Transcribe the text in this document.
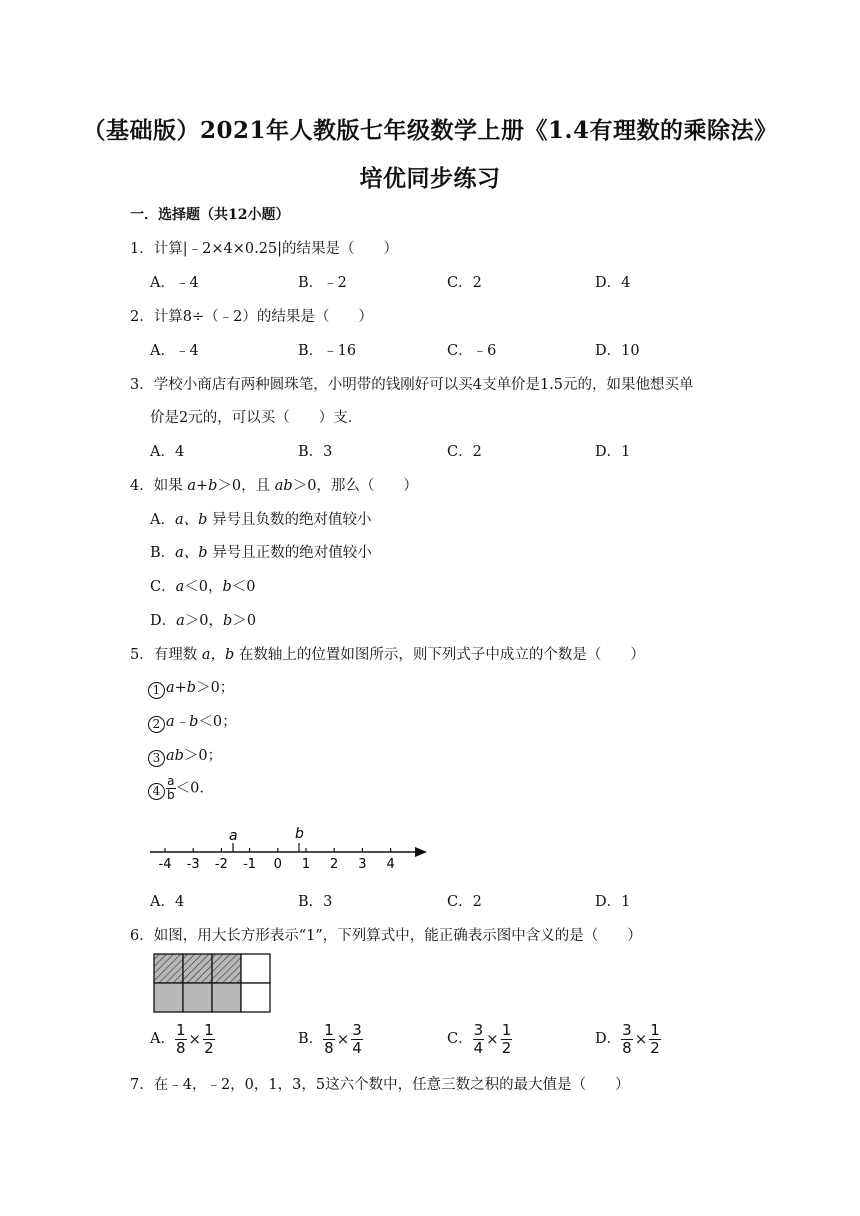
（基础版）2021年人教版七年级数学上册《1.4有理数的乘除法》
培优同步练习
一．选择题（共12小题）
1．计算|﹣2×4×0.25|的结果是（　　）
A．﹣4	B．﹣2	C．2	D．4
2．计算8÷（﹣2）的结果是（　　）
A．﹣4	B．﹣16	C．﹣6	D．10
3．学校小商店有两种圆珠笔，小明带的钱刚好可以买4支单价是1.5元的，如果他想买单
价是2元的，可以买（　　）支．
A．4	B．3	C．2	D．1
4．如果 a+b＞0，且 ab＞0，那么（　　）
A．a、b 异号且负数的绝对值较小
B．a、b 异号且正数的绝对值较小
C．a＜0，b＜0
D．a＞0，b＞0
5．有理数 a，b 在数轴上的位置如图所示，则下列式子中成立的个数是（　　）
1 a+b＞0；
2 a﹣b＜0；
3 ab＞0；
$4 \frac{a}{b} <0$.
-4 -3 -2 -1 0 1 2 3 4
a	b
A．4	B．3	C．2	D．1
6．如图，用大长方形表示“1”，下列算式中，能正确表示图中含义的是（　　）
A． $\frac{1}{8} \times \frac{1}{2}$	B． $\frac{1}{8} \times \frac{3}{4}$	C． $\frac{3}{4} \times \frac{1}{2}$	D． $\frac{3}{8} \times \frac{1}{2}$
7．在﹣4，﹣2，0，1，3，5这六个数中，任意三数之积的最大值是（　　）
